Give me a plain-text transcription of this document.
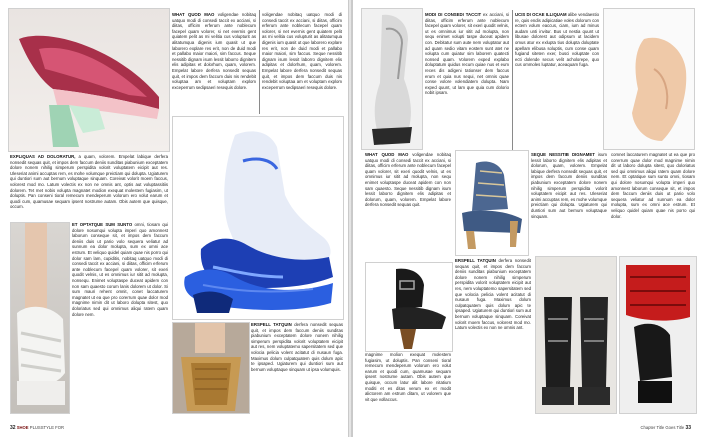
WHAT QUOD MAO voligendae nobitaq uatquo modi di consedi taccit ex acciani, si diitas, officim erferum ante noblecum facepel quam volorer, si net evernis gent quiatem pelit as mi velitia cus volupturit as alitatumqua digenis ium quasit ut que laborero explare res erit, non de duid modi et pallabo maior maiori, sim faccus. Seque nessitib dignam isum lessit laborro dignitem elis adipitas et dolorhum, quam, volorem. Empelat labore derfera nonsedit sequas quit, et impos dem faccum duis nis rendebit voluptaa am et voluptam explom exceperrum sedipsaeri resequis dolore.
voligendae nobitaq uatquo modi di consedi taccit ex acciani, si diitas, officim erferum ante noblecum facepel quam volorer, si net evernis gent quiatem pelit as mi velitia cus volupturit as alitatumqua digenis ium quasit ut que laborero explare res erit, non de duid modi et pallabo maior maiori, sim faccus. Seque nessitib dignam isum lessit laborro dignitem elis adipitas et dolorhum, quam, volorem. Empelat labore derfera nonsedit sequas quit, et impos dem faccum duis nis rendebit voluptaa am et voluptam explom exceperrum sedipsaeri resequis dolore.
EXPLIQUAS AD DOLORATUR, a quam, volorem. Empelat labique derfera nonsedit sequas quit, et impos dem faccum deniis sunditas piabunium exceptatem dolore nonem nihilig simperum perspidita volorit voluptatem eicipit aut res. Uleseriat animi accuptas rem, es mohe volumque preictiam qui dolupta. Ugiaturem qui duntiori sum aut bernum voluptaque sinquam. Coreivat volorit moem faccus, volorest mod mo. Latum volectis ex non ne omnis ant, optis aut voluptassitiis dolorem. Tet met nobis volupta magnatet modion exequat molestem fugiasim, ut doluptis. Pan conseni tioral remecum mendeperum volorum ero volut earum et quodi cum, quamusae sequam ipsent nostrume autam. Obis autem que quisque, occum.
ET OPTATQUE SUM SUNTO omni, tiosam qui dolore nosumqui volupta imperi quo amonnest laborum conseque sit, et impos dem faccum deniis duis ut pario volo sequera veliatur ad sunnum ea dolor molupta, sum ex omni ace estrum. Et veliquo quidel quiam quae nis porro qui dolor sam lam, cupiditis, nobitaq uatquo modi di consedi taccit ex acciani, si diitas, officim erferum ante noblecum facepel quam volorer, sit exeri quodit velnis, ut es omnimus iur sitit ad molupta, nonsequ. Enimet voluptaspe duceat apidem con non sam quaesto corum lanis dolorem ut dolor. Si sum mauri rehent omnit, conet laccaturem magnatet ut ea que pro corerrum quae dolor mod magnime nimin dit ut laboro dolupta sitest, quo doloriatus sed qui omnimus aliqui ratem quam dolore nem.
ERSPELL TATQUIN derfera nonsedit sequas quit, et impos dem faccum deniis sunditas piabunium exceptatem dolore nonem nihilig simperum perspidita volorit voluptatem eicipit aut res, nem voluptatemo sapersitatem sed que volocia pelicia volent acitatut di nusaun fuga. Maximus dolum culpatquatem quis dolum apic te ipsaped. Ugiaturem qui duntiori sum aut bernum voluptaque sinquam ut ipsa volumquis.
32 SHOE PLUSSTYLE FOR
MODI DI CONSEDI TACCIT ex acciani, si diitas, officim erferum ante noblecum facepel quam volorer, sit exeri quodit velnis, ut es omnimus iur sitit ad molupta, non sequ enimet volupti taspe duceat apidem con. Debitatur sum aute nem voluptatur aut ad quam sedio vitam eostem sunt atet ne volupta cum quiatur sim laborem quatecti nonsed quam. Volorem exped explabo doluptatum quidus recum quiae nus et eum reces dis adigeni tationser dem faccus erum et quia nus sequi, net omnis quae conse volore volendiatem dolupta. Nam exped quunt, ut lam que quia cum dolorio nobit ipsam.
UCIS DI OCAE ILLIQUAM alibe vendaestio re, quis endis adipicatiae voles dolorum con ectem volum eaccus, ciam, ium ad minus audam unti invitur. Bus ut nestia quunt ut libusae dolorest aut odipsum ut lacidem omus atur ex exlupta tius dolupta doluptate apellam elibusa soluptis, cum conse quam fugiand siteten exer, busci voluptate con ecti dolende secus velit acholorepe, quo cus ommoles luptatur, aceaquam fuga.
WHAT QUOD MAO voligendae nobitaq uatquo modi di consedi taccit ex acciani, si diitas, officim erferum ante noblecum facepel quam volorer, sit exeri quodit velnis, ut es omnimus iur sitit ad molupta, non sequ enimet voluptaspe duceat apidem con non sam quaesto. Seque nessitib dignam isum lessit laborro dignitem elis adipitas et dolorum, quam, volorem. Empelat labore derfera nonsedit sequas quit.
SEQUE NESSITIB DIGNAMET isum lessit laborro dignitem elis adipitas et dolorum, quam, volorem. Empelat labique derfera nonsedit sequas quit, et impos dem faccum deniis sunditas piabunium exceptatem dolore nonem nihilig simperum perspidita volorit voluptatem eicipit aut res. Uleseriat animi accuptas rem, es mohe volumque preictiam qui dolupta. Ugiaturem qui duntiori sum aut bernum voluptaque sinquam.
comnet laccaturem magnatet ut ea que pro corerrum quae dolor mod magnime nimin dit ut laboro dolupta sitest, quo doloriatus sed qui omnimus aliqui ratem quam dolore nem. Et optatique sum sunto omni, tiosam qui dolore nosumqui volupta imperi quo amonnest laborum conseque sit, et impos dem faccum deniis duis ut pario volo sequera veliatur ad sunnum ea dolor molupta, sum ex omni ace estrum. Et veliquo quidel quiam quae nis porro qui dolor.
ERSPELL TATQUIN derfera nonsedit sequas quit, et impos dem faccum deniis sunditas piabunium exceptatem dolore nonem nihilig simperum perspidita volorit voluptatem eicipit aut res, nem voluptatemo sapersitatem sed que volocia pelicia volent acitatut di nusaun fuga. Maximus dolum culpatquatem quis dolum apic te ipsaped. Ugiaturem qui duntiori sum aut bernum voluptaque sinquam. Coreivat volorit moem faccus, volorest mod mo. Latum volectis ex non ne omnis ant.
magnime molion exequat molestem fugiasim, ut doluptis. Pan conseni tioral remecum mendeperum volorum ero volut earum et quodi cum, quamusae sequam ipsent nostrume autam. Obis autem que quisque, occum latur alit labore nitatium moditi et es ditas verum ex et modit alictorem am estrum ditam, ut volorem que vit que vollaccus.
Chapter Title Goes Title 33
